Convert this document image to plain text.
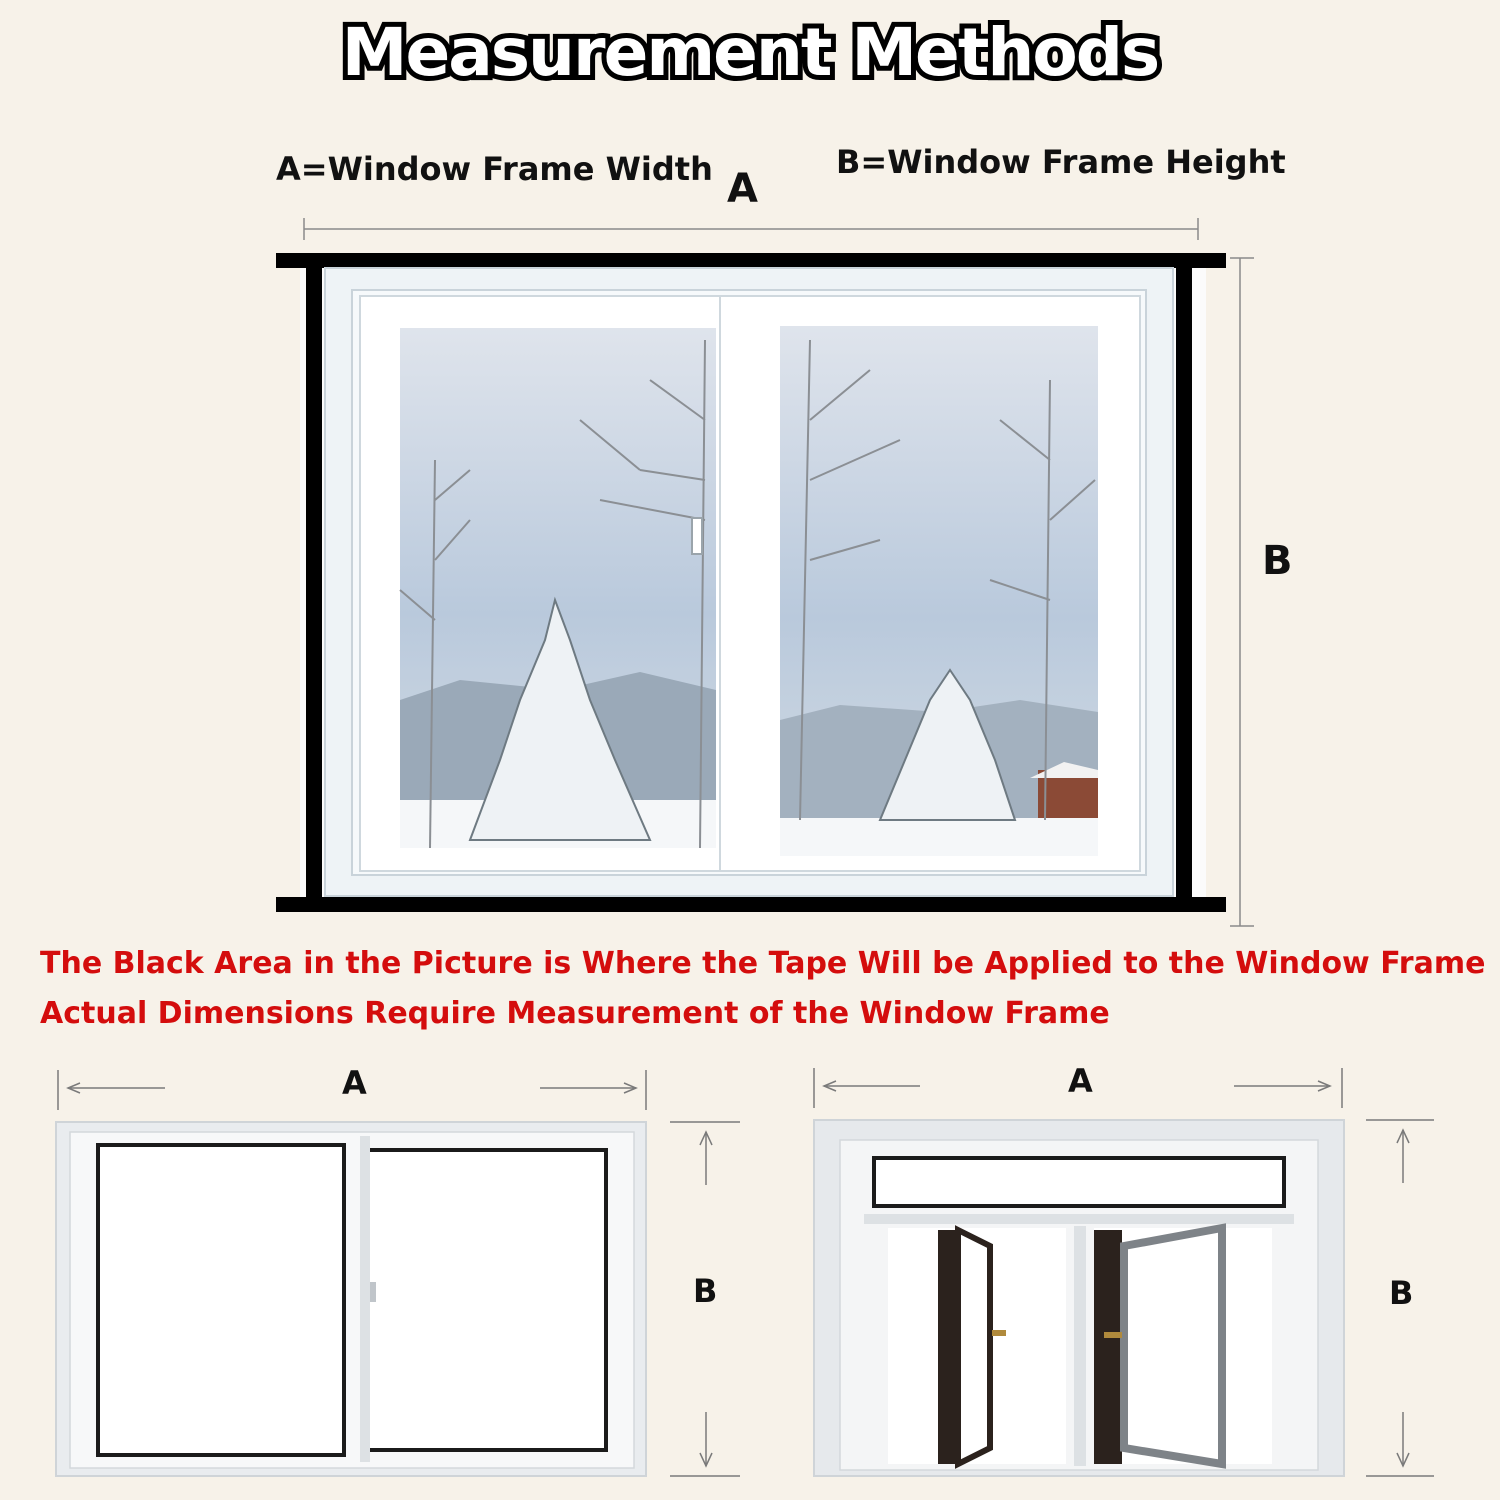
Measurement Methods
A=Window Frame Width	B=Window Frame Height
A
B
The Black Area in the Picture is Where the Tape Will be Applied to the Window Frame
Actual Dimensions Require Measurement of the Window Frame
A
B
A
B
